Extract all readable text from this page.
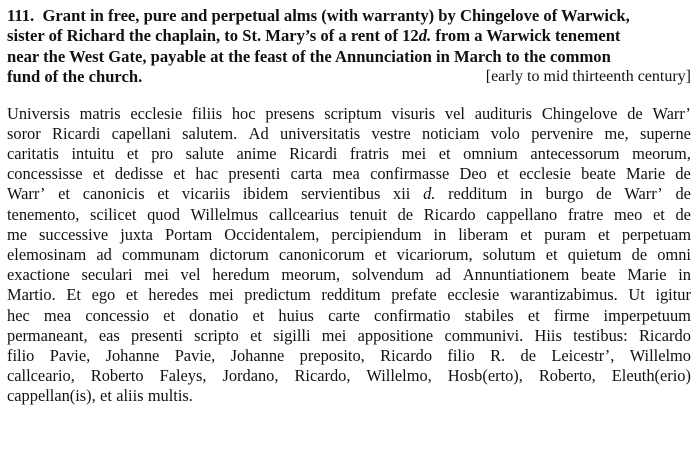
111. Grant in free, pure and perpetual alms (with warranty) by Chingelove of Warwick,
sister of Richard the chaplain, to St. Mary’s of a rent of 12d. from a Warwick tenement
near the West Gate, payable at the feast of the Annunciation in March to the common
fund of the church.	[early to mid thirteenth century]
Universis matris ecclesie filiis hoc presens scriptum visuris vel audituris Chingelove de Warr’
soror Ricardi capellani salutem. Ad universitatis vestre noticiam volo pervenire me, superne
caritatis intuitu et pro salute anime Ricardi fratris mei et omnium antecessorum meorum,
concessisse et dedisse et hac presenti carta mea confirmasse Deo et ecclesie beate Marie de
Warr’ et canonicis et vicariis ibidem servientibus xii d. redditum in burgo de Warr’ de
tenemento, scilicet quod Willelmus callcearius tenuit de Ricardo cappellano fratre meo et de
me successive juxta Portam Occidentalem, percipiendum in liberam et puram et perpetuam
elemosinam ad communam dictorum canonicorum et vicariorum, solutum et quietum de omni
exactione seculari mei vel heredum meorum, solvendum ad Annuntiationem beate Marie in
Martio. Et ego et heredes mei predictum redditum prefate ecclesie warantizabimus. Ut igitur
hec mea concessio et donatio et huius carte confirmatio stabiles et firme imperpetuum
permaneant, eas presenti scripto et sigilli mei appositione communivi. Hiis testibus: Ricardo
filio Pavie, Johanne Pavie, Johanne preposito, Ricardo filio R. de Leicestr’, Willelmo
callceario, Roberto Faleys, Jordano, Ricardo, Willelmo, Hosb(erto), Roberto, Eleuth(erio)
cappellan(is), et aliis multis.
